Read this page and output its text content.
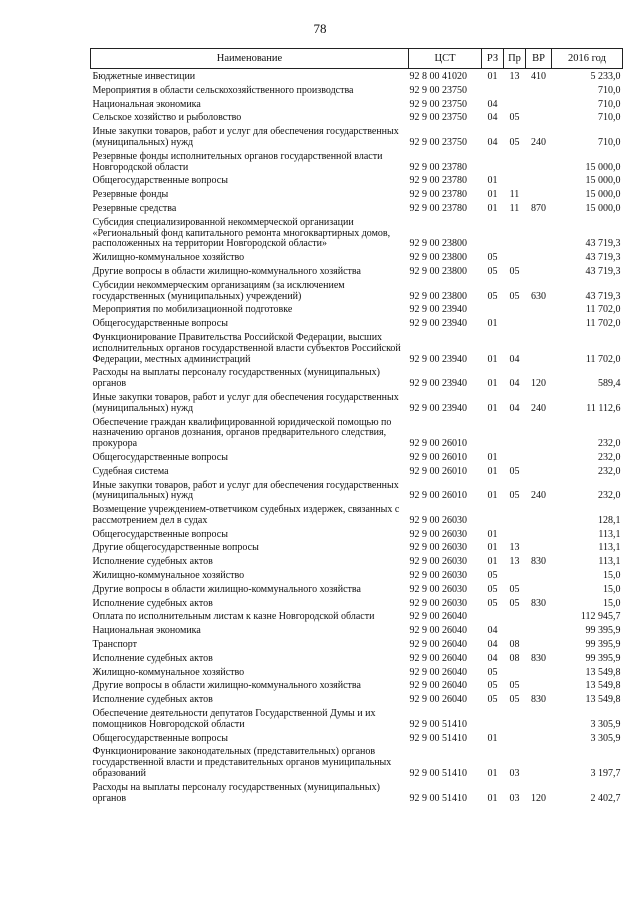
78
Наименование	ЦСТ	РЗ	Пр	ВР	2016 год
Бюджетные инвестиции	92 8 00 41020	01	13	410	5 233,0
Мероприятия в области сельскохозяйственного производства	92 9 00 23750				710,0
Национальная экономика	92 9 00 23750	04			710,0
Сельское хозяйство и рыболовство	92 9 00 23750	04	05		710,0
Иные закупки товаров, работ и услуг для обеспечения государственных (муниципальных) нужд	92 9 00 23750	04	05	240	710,0
Резервные фонды исполнительных органов государственной власти Новгородской области	92 9 00 23780				15 000,0
Общегосударственные вопросы	92 9 00 23780	01			15 000,0
Резервные фонды	92 9 00 23780	01	11		15 000,0
Резервные средства	92 9 00 23780	01	11	870	15 000,0
Субсидия специализированной некоммерческой организации «Региональный фонд капитального ремонта многоквартирных домов, расположенных на территории Новгородской области»	92 9 00 23800				43 719,3
Жилищно-коммунальное хозяйство	92 9 00 23800	05			43 719,3
Другие вопросы в области жилищно-коммунального хозяйства	92 9 00 23800	05	05		43 719,3
Субсидии некоммерческим организациям (за исключением государственных (муниципальных) учреждений)	92 9 00 23800	05	05	630	43 719,3
Мероприятия по мобилизационной подготовке	92 9 00 23940				11 702,0
Общегосударственные вопросы	92 9 00 23940	01			11 702,0
Функционирование Правительства Российской Федерации, высших исполнительных органов государственной власти субъектов Российской Федерации, местных администраций	92 9 00 23940	01	04		11 702,0
Расходы на выплаты персоналу государственных (муниципальных) органов	92 9 00 23940	01	04	120	589,4
Иные закупки товаров, работ и услуг для обеспечения государственных (муниципальных) нужд	92 9 00 23940	01	04	240	11 112,6
Обеспечение граждан квалифицированной юридической помощью по назначению органов дознания, органов предварительного следствия, прокурора	92 9 00 26010				232,0
Общегосударственные вопросы	92 9 00 26010	01			232,0
Судебная система	92 9 00 26010	01	05		232,0
Иные закупки товаров, работ и услуг для обеспечения государственных (муниципальных) нужд	92 9 00 26010	01	05	240	232,0
Возмещение учреждением-ответчиком судебных издержек, связанных с рассмотрением дел в судах	92 9 00 26030				128,1
Общегосударственные вопросы	92 9 00 26030	01			113,1
Другие общегосударственные вопросы	92 9 00 26030	01	13		113,1
Исполнение судебных актов	92 9 00 26030	01	13	830	113,1
Жилищно-коммунальное хозяйство	92 9 00 26030	05			15,0
Другие вопросы в области жилищно-коммунального хозяйства	92 9 00 26030	05	05		15,0
Исполнение судебных актов	92 9 00 26030	05	05	830	15,0
Оплата по исполнительным листам к казне Новгородской области	92 9 00 26040				112 945,7
Национальная экономика	92 9 00 26040	04			99 395,9
Транспорт	92 9 00 26040	04	08		99 395,9
Исполнение судебных актов	92 9 00 26040	04	08	830	99 395,9
Жилищно-коммунальное хозяйство	92 9 00 26040	05			13 549,8
Другие вопросы в области жилищно-коммунального хозяйства	92 9 00 26040	05	05		13 549,8
Исполнение судебных актов	92 9 00 26040	05	05	830	13 549,8
Обеспечение деятельности депутатов Государственной Думы и их помощников Новгородской области	92 9 00 51410				3 305,9
Общегосударственные вопросы	92 9 00 51410	01			3 305,9
Функционирование законодательных (представительных) органов государственной власти и представительных органов муниципальных образований	92 9 00 51410	01	03		3 197,7
Расходы на выплаты персоналу государственных (муниципальных) органов	92 9 00 51410	01	03	120	2 402,7
